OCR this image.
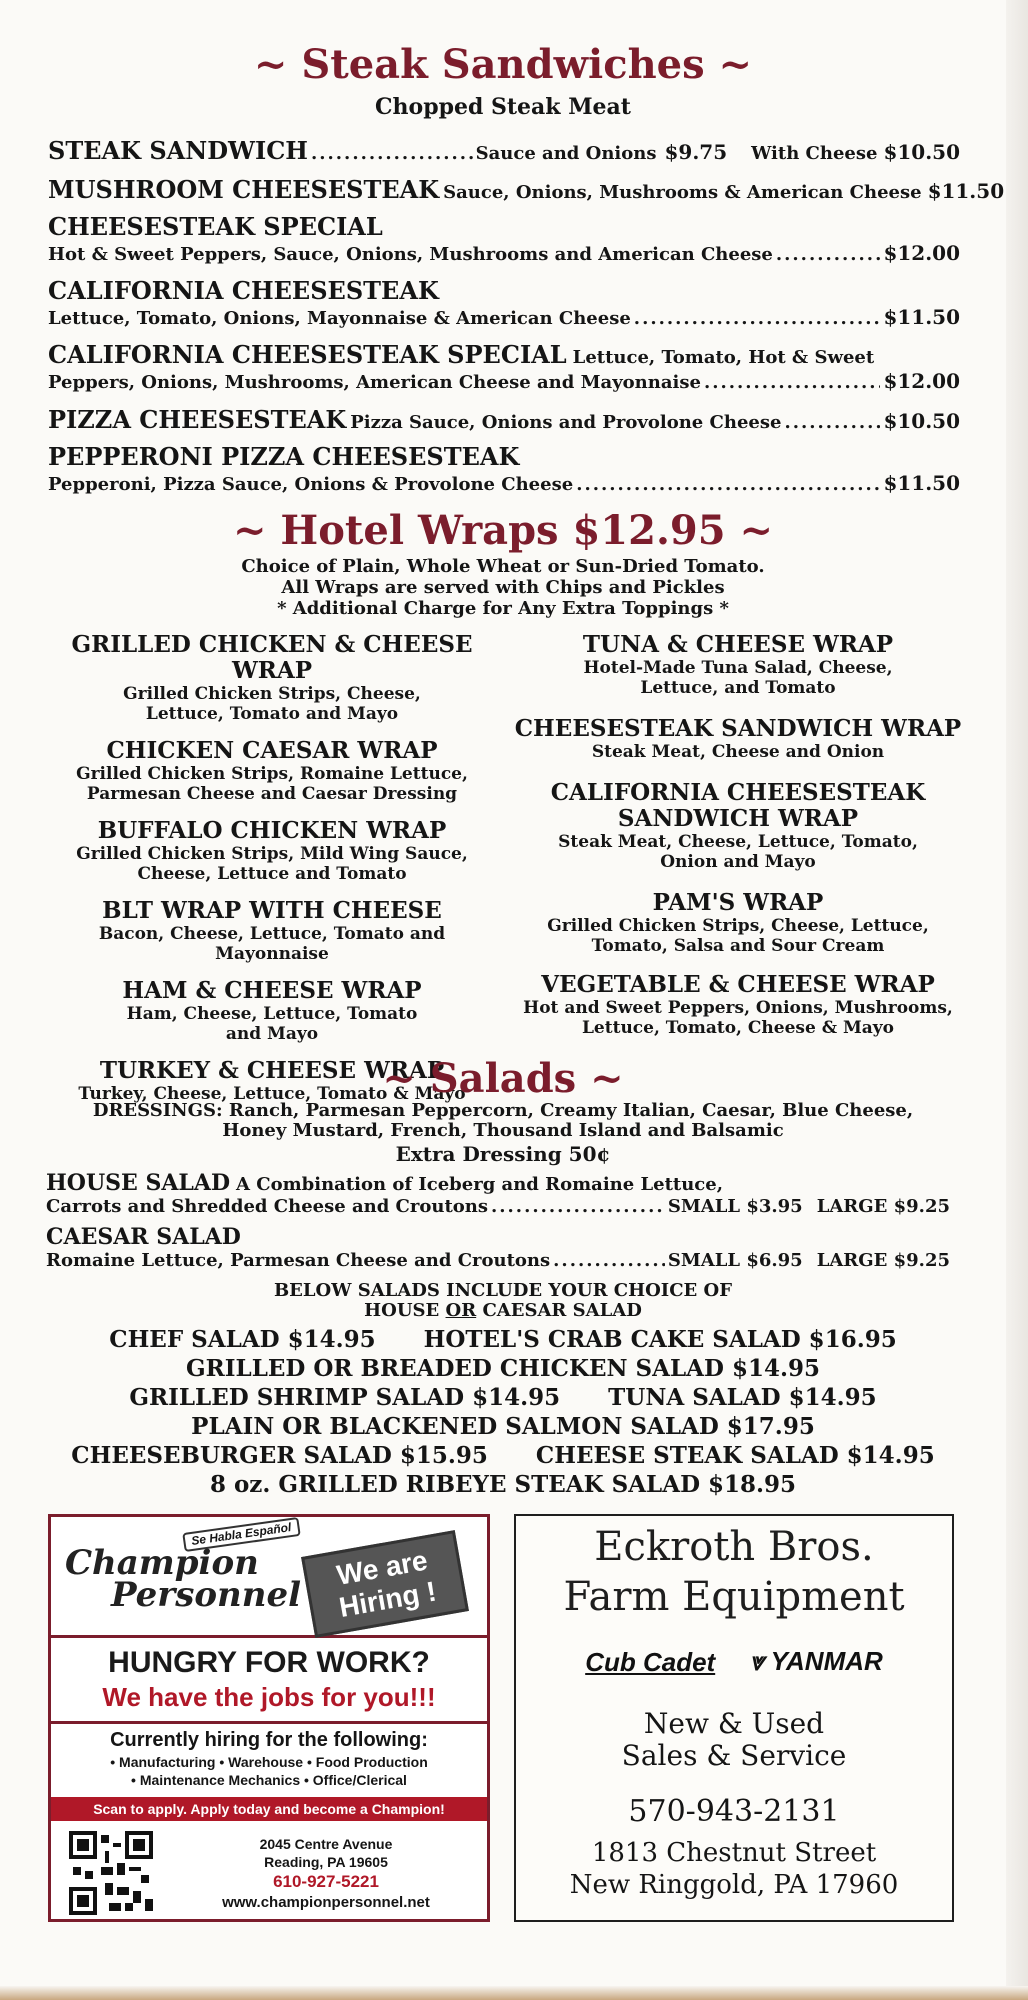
~ Steak Sandwiches ~
Chopped Steak Meat
STEAK SANDWICH .....	Sauce and Onions $9.75 With Cheese $10.50
MUSHROOM CHEESESTEAK Sauce, Onions, Mushrooms & American Cheese $11.50
CHEESESTEAK SPECIAL
Hot & Sweet Peppers, Sauce, Onions, Mushrooms and American Cheese .....	$12.00
CALIFORNIA CHEESESTEAK
Lettuce, Tomato, Onions, Mayonnaise & American Cheese .....	$11.50
CALIFORNIA CHEESESTEAK SPECIAL Lettuce, Tomato, Hot & Sweet
Peppers, Onions, Mushrooms, American Cheese and Mayonnaise .....	$12.00
PIZZA CHEESESTEAK Pizza Sauce, Onions and Provolone Cheese .....	$10.50
PEPPERONI PIZZA CHEESESTEAK
Pepperoni, Pizza Sauce, Onions & Provolone Cheese .....	$11.50
~ Hotel Wraps $12.95 ~
Choice of Plain, Whole Wheat or Sun-Dried Tomato.
All Wraps are served with Chips and Pickles
* Additional Charge for Any Extra Toppings *
GRILLED CHICKEN & CHEESE WRAP
Grilled Chicken Strips, Cheese,
Lettuce, Tomato and Mayo
CHICKEN CAESAR WRAP
Grilled Chicken Strips, Romaine Lettuce,
Parmesan Cheese and Caesar Dressing
BUFFALO CHICKEN WRAP
Grilled Chicken Strips, Mild Wing Sauce,
Cheese, Lettuce and Tomato
BLT WRAP WITH CHEESE
Bacon, Cheese, Lettuce, Tomato and
Mayonnaise
HAM & CHEESE WRAP
Ham, Cheese, Lettuce, Tomato
and Mayo
TURKEY & CHEESE WRAP
Turkey, Cheese, Lettuce, Tomato & Mayo
TUNA & CHEESE WRAP
Hotel-Made Tuna Salad, Cheese,
Lettuce, and Tomato
CHEESESTEAK SANDWICH WRAP
Steak Meat, Cheese and Onion
CALIFORNIA CHEESESTEAK SANDWICH WRAP
Steak Meat, Cheese, Lettuce, Tomato,
Onion and Mayo
PAM'S WRAP
Grilled Chicken Strips, Cheese, Lettuce,
Tomato, Salsa and Sour Cream
VEGETABLE & CHEESE WRAP
Hot and Sweet Peppers, Onions, Mushrooms,
Lettuce, Tomato, Cheese & Mayo
~ Salads ~
DRESSINGS: Ranch, Parmesan Peppercorn, Creamy Italian, Caesar, Blue Cheese,
Honey Mustard, French, Thousand Island and Balsamic
Extra Dressing 50¢
HOUSE SALAD A Combination of Iceberg and Romaine Lettuce,
Carrots and Shredded Cheese and Croutons .....	SMALL $3.95 LARGE $9.25
CAESAR SALAD
Romaine Lettuce, Parmesan Cheese and Croutons .....	SMALL $6.95 LARGE $9.25
BELOW SALADS INCLUDE YOUR CHOICE OF
HOUSE OR CAESAR SALAD
CHEF SALAD $14.95 HOTEL'S CRAB CAKE SALAD $16.95
GRILLED OR BREADED CHICKEN SALAD $14.95
GRILLED SHRIMP SALAD $14.95 TUNA SALAD $14.95
PLAIN OR BLACKENED SALMON SALAD $17.95
CHEESEBURGER SALAD $15.95 CHEESE STEAK SALAD $14.95
8 oz. GRILLED RIBEYE STEAK SALAD $18.95
Se Habla Español
Champion
Personnel
We are Hiring !
HUNGRY FOR WORK?
We have the jobs for you!!!
Currently hiring for the following:
• Manufacturing • Warehouse • Food Production
• Maintenance Mechanics • Office/Clerical
Scan to apply. Apply today and become a Champion!
2045 Centre Avenue
Reading, PA 19605
610-927-5221
www.championpersonnel.net
Eckroth Bros.
Farm Equipment
Cub Cadet ⩔ YANMAR
New & Used
Sales & Service
570-943-2131
1813 Chestnut Street
New Ringgold, PA 17960
